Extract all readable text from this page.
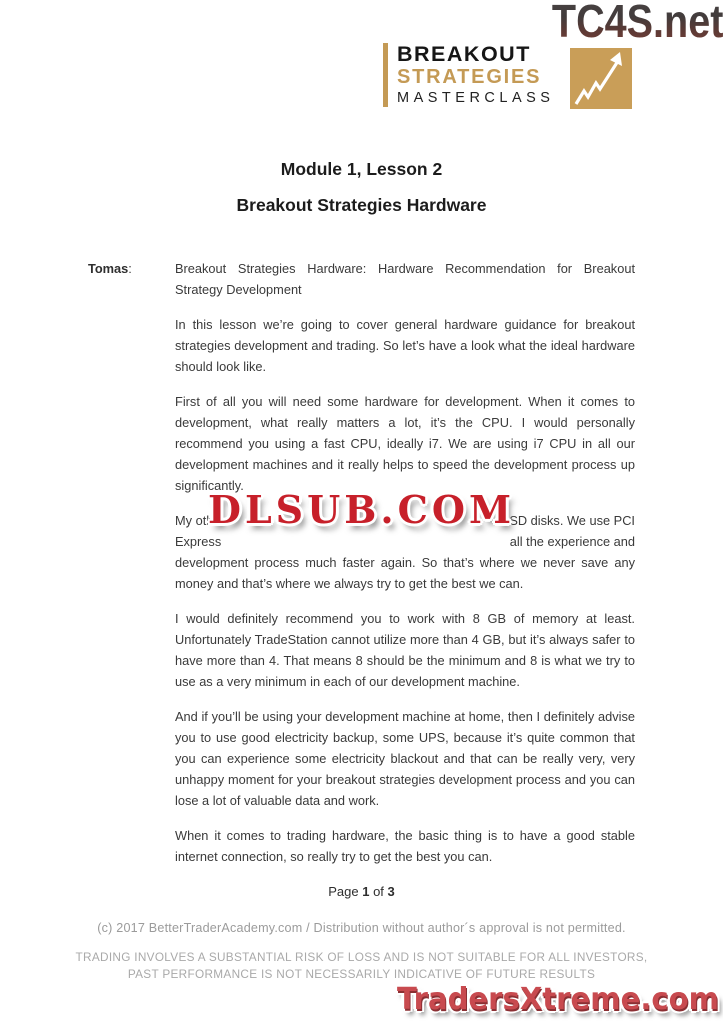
TC4S.net
BREAKOUT
STRATEGIES
MASTERCLASS
Module 1, Lesson 2
Breakout Strategies Hardware
Tomas:	Breakout Strategies Hardware: Hardware Recommendation for Breakout Strategy Development

In this lesson we’re going to cover general hardware guidance for breakout strategies development and trading. So let’s have a look what the ideal hardware should look like.

First of all you will need some hardware for development. When it comes to development, what really matters a lot, it’s the CPU. I would personally recommend you using a fast CPU, ideally i7. We are using i7 CPU in all our development machines and it really helps to speed the development process up significantly.

My othe	SSD disks. We use PCI
Express	all the experience and

development process much faster again. So that’s where we never save any money and that’s where we always try to get the best we can.

I would definitely recommend you to work with 8 GB of memory at least. Unfortunately TradeStation cannot utilize more than 4 GB, but it’s always safer to have more than 4. That means 8 should be the minimum and 8 is what we try to use as a very minimum in each of our development machine.

And if you’ll be using your development machine at home, then I definitely advise you to use good electricity backup, some UPS, because it’s quite common that you can experience some electricity blackout and that can be really very, very unhappy moment for your breakout strategies development process and you can lose a lot of valuable data and work.

When it comes to trading hardware, the basic thing is to have a good stable internet connection, so really try to get the best you can.

DLSUB.COM
Page 1 of 3
(c) 2017 BetterTraderAcademy.com / Distribution without author´s approval is not permitted.
TRADING INVOLVES A SUBSTANTIAL RISK OF LOSS AND IS NOT SUITABLE FOR ALL INVESTORS,
PAST PERFORMANCE IS NOT NECESSARILY INDICATIVE OF FUTURE RESULTS
TradersXtreme.com
